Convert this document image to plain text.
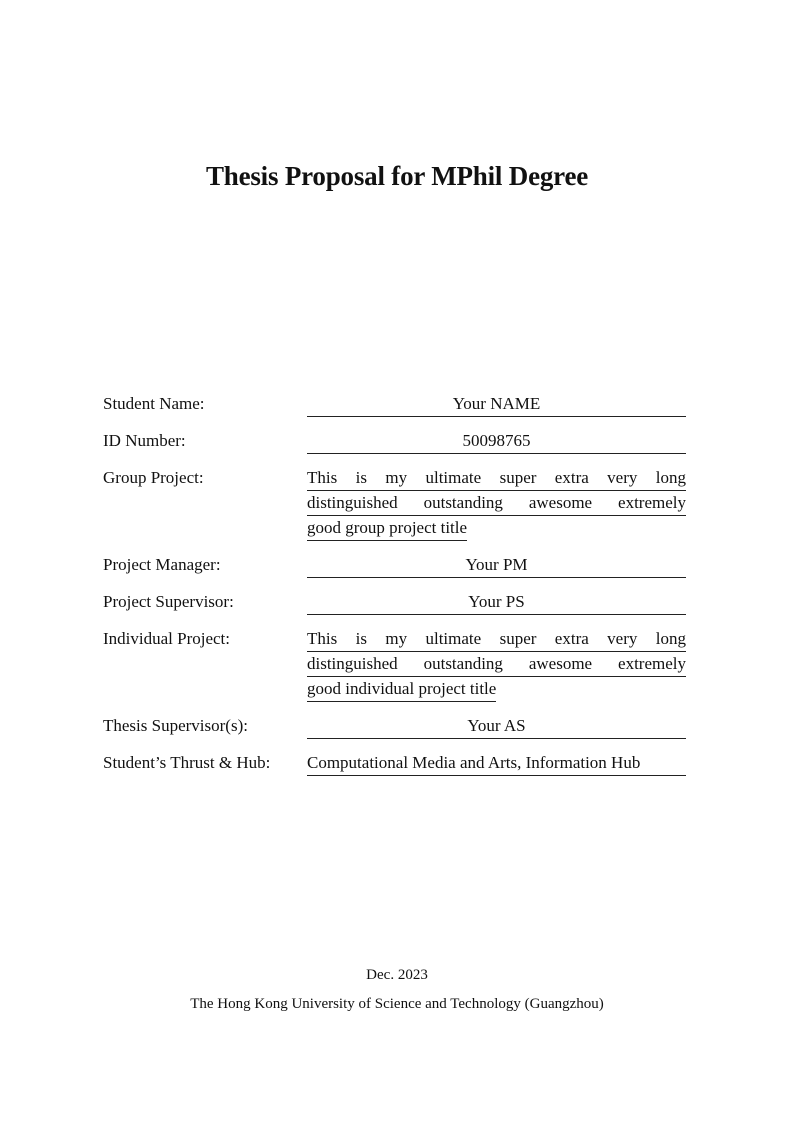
Thesis Proposal for MPhil Degree
Student Name:	Your NAME
ID Number:	50098765
Group Project:	This is my ultimate super extra very long
distinguished outstanding awesome extremely
good group project title
Project Manager:	Your PM
Project Supervisor:	Your PS
Individual Project:	This is my ultimate super extra very long
distinguished outstanding awesome extremely
good individual project title
Thesis Supervisor(s):	Your AS
Student’s Thrust & Hub:	Computational Media and Arts, Information Hub
Dec. 2023
The Hong Kong University of Science and Technology (Guangzhou)
